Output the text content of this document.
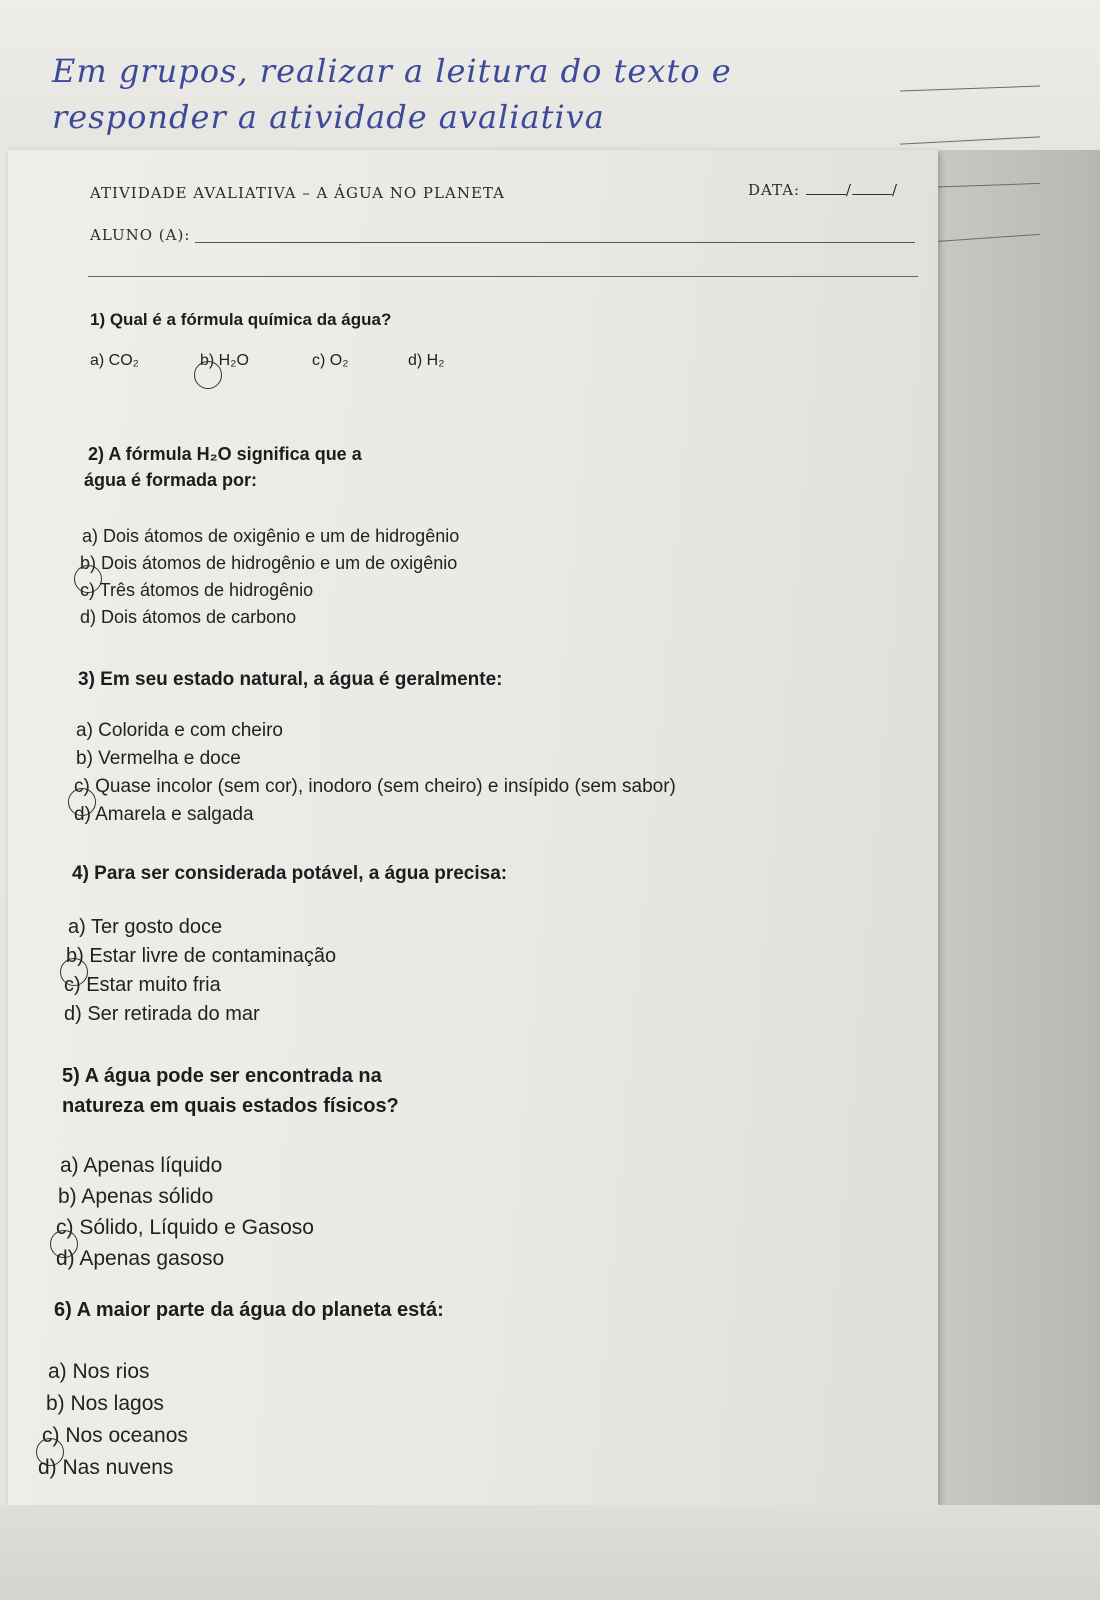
Em grupos, realizar a leitura do texto e
responder a atividade avaliativa
ATIVIDADE AVALIATIVA – A ÁGUA NO PLANETA	DATA:	/	/
ALUNO (A):
1) Qual é a fórmula química da água?
a) CO₂	b) H₂O	c) O₂	d) H₂
2) A fórmula H₂O significa que a
água é formada por:
a) Dois átomos de oxigênio e um de hidrogênio
b) Dois átomos de hidrogênio e um de oxigênio
c) Três átomos de hidrogênio
d) Dois átomos de carbono
3) Em seu estado natural, a água é geralmente:
a) Colorida e com cheiro
b) Vermelha e doce
c) Quase incolor (sem cor), inodoro (sem cheiro) e insípido (sem sabor)
d) Amarela e salgada
4) Para ser considerada potável, a água precisa:
a) Ter gosto doce
b) Estar livre de contaminação
c) Estar muito fria
d) Ser retirada do mar
5) A água pode ser encontrada na
natureza em quais estados físicos?
a) Apenas líquido
b) Apenas sólido
c) Sólido, Líquido e Gasoso
d) Apenas gasoso
6) A maior parte da água do planeta está:
a) Nos rios
b) Nos lagos
c) Nos oceanos
d) Nas nuvens
